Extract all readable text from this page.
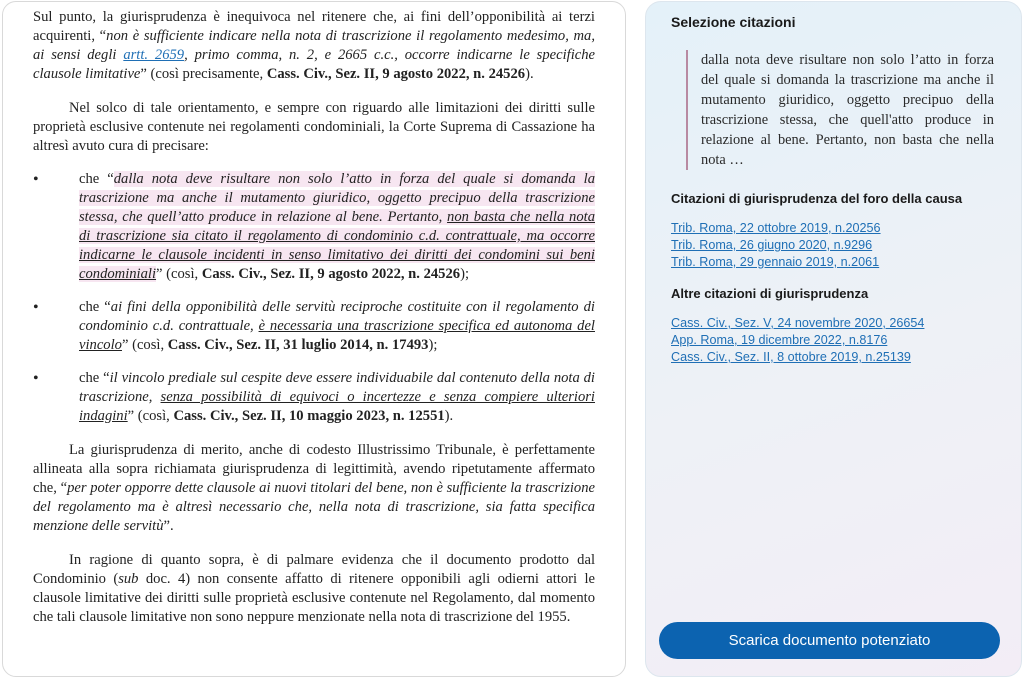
Sul punto, la giurisprudenza è inequivoca nel ritenere che, ai fini dell’opponibilità ai terzi acquirenti, “non è sufficiente indicare nella nota di trascrizione il regolamento medesimo, ma, ai sensi degli artt. 2659, primo comma, n. 2, e 2665 c.c., occorre indicarne le specifiche clausole limitative” (così precisamente, Cass. Civ., Sez. II, 9 agosto 2022, n. 24526).

Nel solco di tale orientamento, e sempre con riguardo alle limitazioni dei diritti sulle proprietà esclusive contenute nei regolamenti condominiali, la Corte Suprema di Cassazione ha altresì avuto cura di precisare:

•	che “dalla nota deve risultare non solo l’atto in forza del quale si domanda la trascrizione ma anche il mutamento giuridico, oggetto precipuo della trascrizione stessa, che quell’atto produce in relazione al bene. Pertanto, non basta che nella nota di trascrizione sia citato il regolamento di condominio c.d. contrattuale, ma occorre indicarne le clausole incidenti in senso limitativo dei diritti dei condomini sui beni condominiali” (così, Cass. Civ., Sez. II, 9 agosto 2022, n. 24526);
•	che “ai fini della opponibilità delle servitù reciproche costituite con il regolamento di condominio c.d. contrattuale, è necessaria una trascrizione specifica ed autonoma del vincolo” (così, Cass. Civ., Sez. II, 31 luglio 2014, n. 17493);
•	che “il vincolo prediale sul cespite deve essere individuabile dal contenuto della nota di trascrizione, senza possibilità di equivoci o incertezze e senza compiere ulteriori indagini” (così, Cass. Civ., Sez. II, 10 maggio 2023, n. 12551).

La giurisprudenza di merito, anche di codesto Illustrissimo Tribunale, è perfettamente allineata alla sopra richiamata giurisprudenza di legittimità, avendo ripetutamente affermato che, “per poter opporre dette clausole ai nuovi titolari del bene, non è sufficiente la trascrizione del regolamento ma è altresì necessario che, nella nota di trascrizione, sia fatta specifica menzione delle servitù”.

In ragione di quanto sopra, è di palmare evidenza che il documento prodotto dal Condominio (sub doc. 4) non consente affatto di ritenere opponibili agli odierni attori le clausole limitative dei diritti sulle proprietà esclusive contenute nel Regolamento, dal momento che tali clausole limitative non sono neppure menzionate nella nota di trascrizione del 1955.

Selezione citazioni
dalla nota deve risultare non solo l’atto in forza del quale si domanda la trascrizione ma anche il mutamento giuridico, oggetto precipuo della trascrizione stessa, che quell'atto produce in relazione al bene. Pertanto, non basta che nella nota …
Citazioni di giurisprudenza del foro della causa
Trib. Roma, 22 ottobre 2019, n.20256
Trib. Roma, 26 giugno 2020, n.9296
Trib. Roma, 29 gennaio 2019, n.2061
Altre citazioni di giurisprudenza
Cass. Civ., Sez. V, 24 novembre 2020, 26654
App. Roma, 19 dicembre 2022, n.8176
Cass. Civ., Sez. II, 8 ottobre 2019, n.25139
Scarica documento potenziato
